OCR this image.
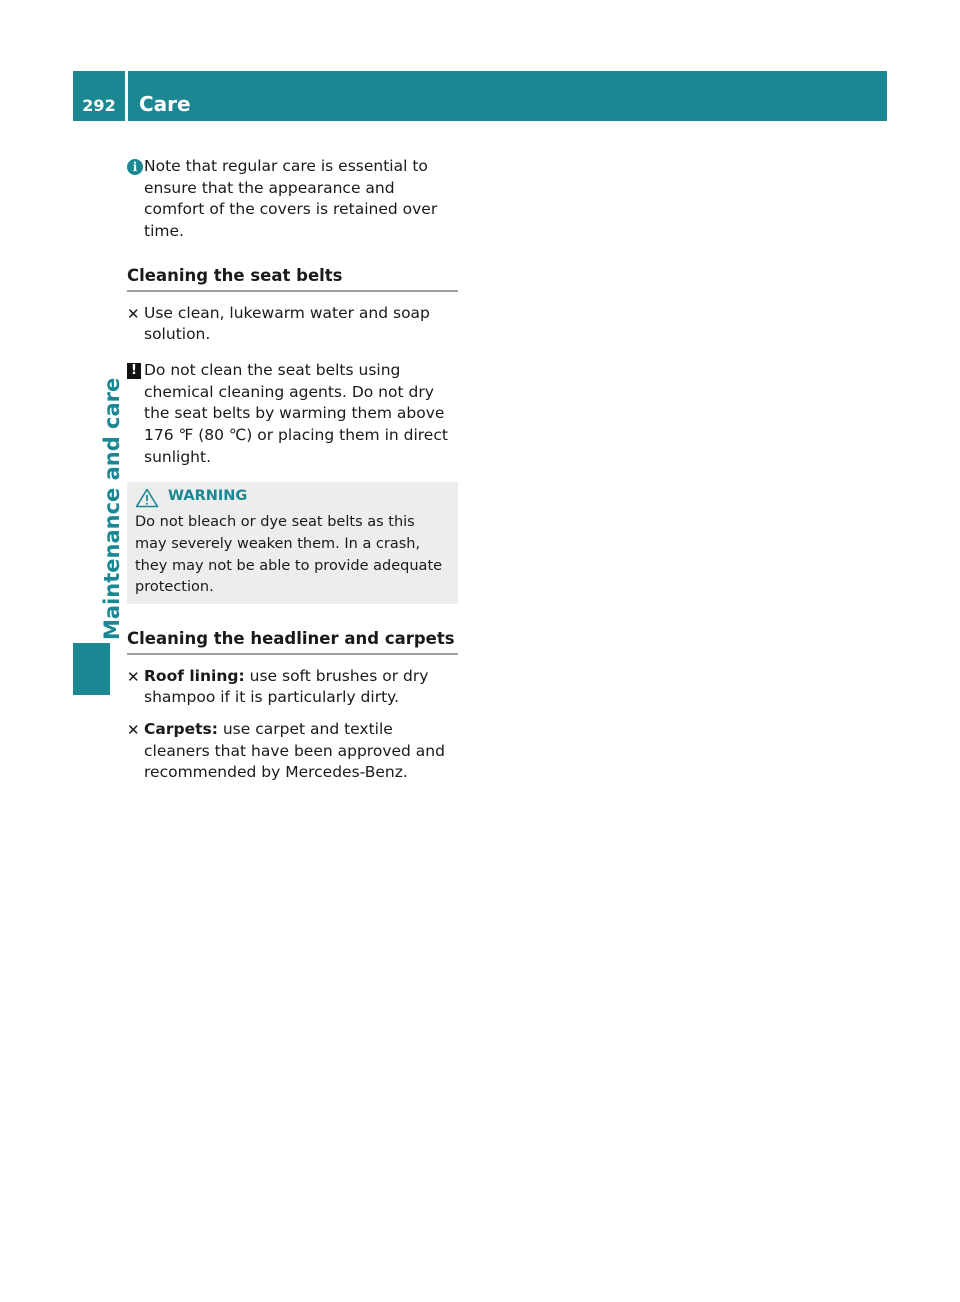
292	Care
Maintenance and care
i Note that regular care is essential to ensure that the appearance and comfort of the covers is retained over time.
Cleaning the seat belts
✕ Use clean, lukewarm water and soap solution.
! Do not clean the seat belts using chemical cleaning agents. Do not dry the seat belts by warming them above 176 ℉ (80 ℃) or placing them in direct sunlight.
WARNING
Do not bleach or dye seat belts as this may severely weaken them. In a crash, they may not be able to provide adequate protection.
Cleaning the headliner and carpets
✕ Roof lining: use soft brushes or dry shampoo if it is particularly dirty.
✕ Carpets: use carpet and textile cleaners that have been approved and recommended by Mercedes-Benz.
